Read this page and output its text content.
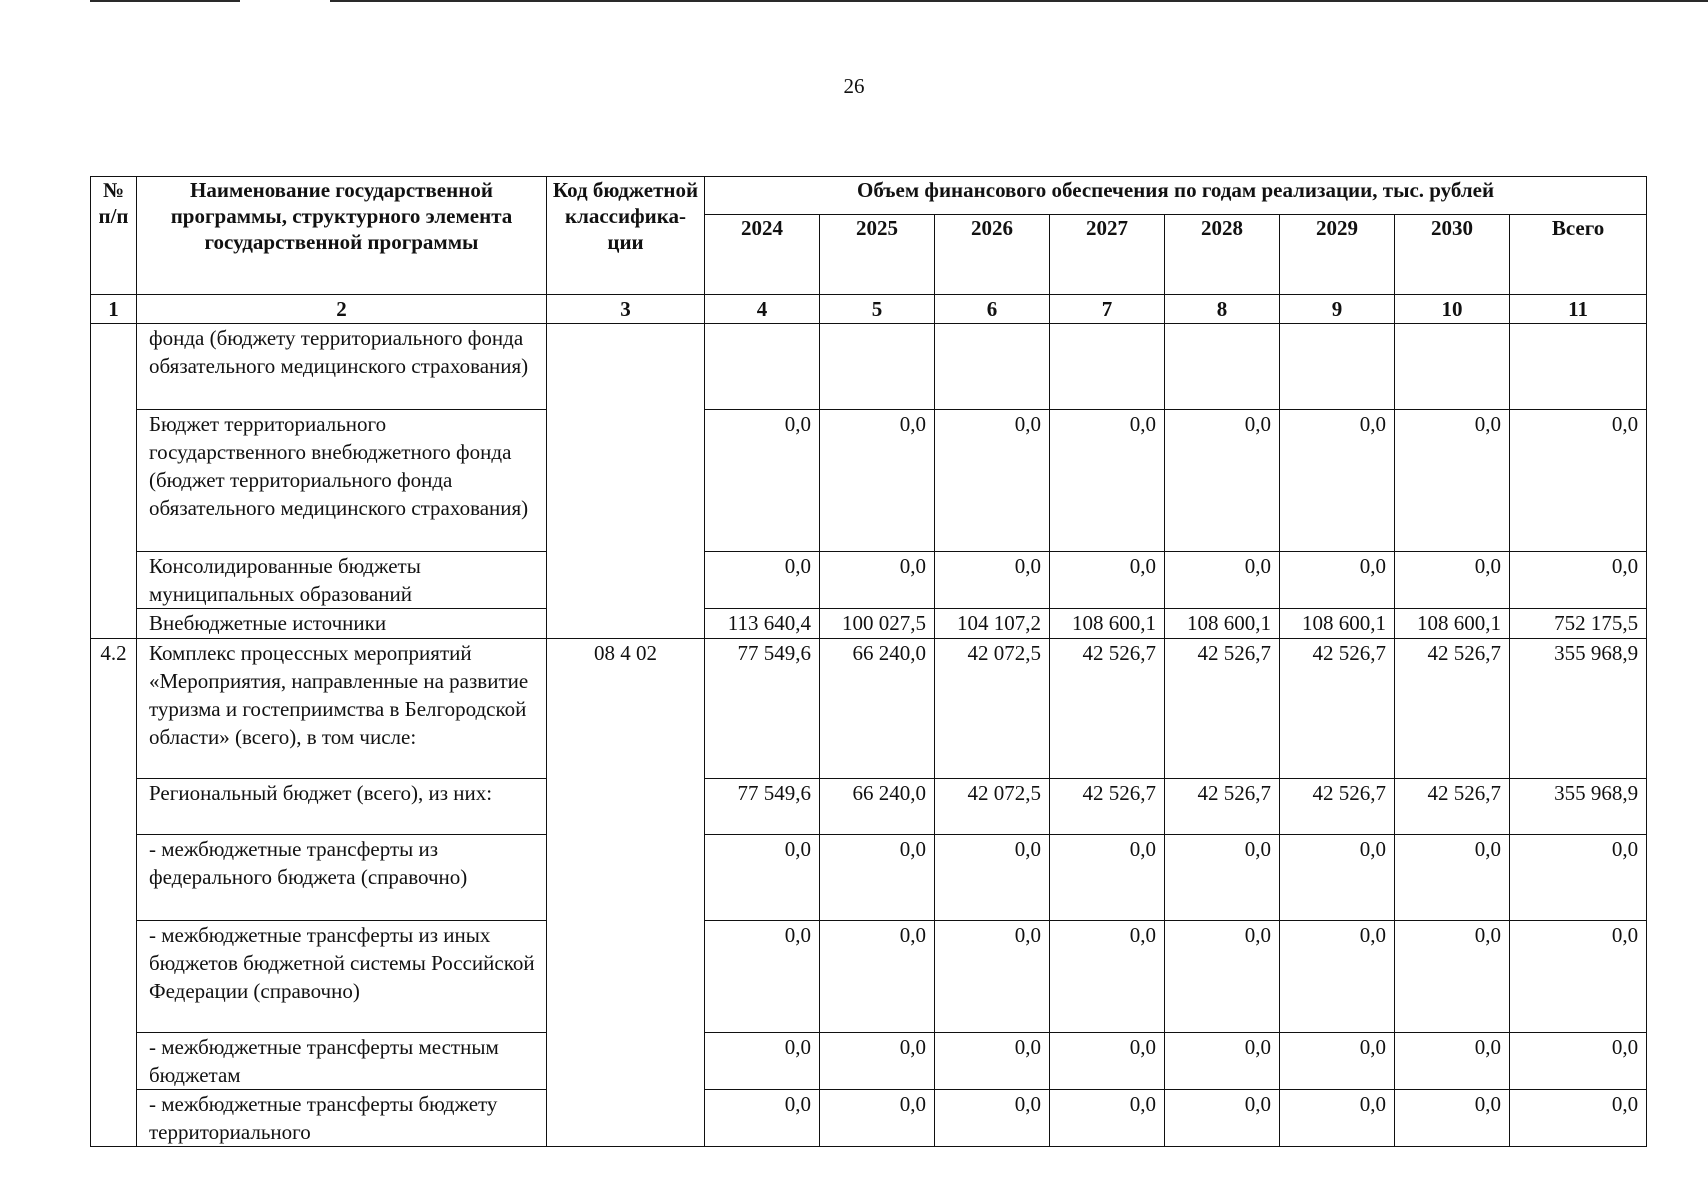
26
№ п/п	Наименование государственной программы, структурного элемента государственной программы	Код бюджетной классифика-ции	Объем финансового обеспечения по годам реализации, тыс. рублей							
			2024	2025	2026	2027	2028	2029	2030	Всего
1	2	3	4	5	6	7	8	9	10	11
	фонда (бюджету территориального фонда обязательного медицинского страхования)									
	Бюджет территориального государственного внебюджетного фонда (бюджет территориального фонда обязательного медицинского страхования)		0,0	0,0	0,0	0,0	0,0	0,0	0,0	0,0
	Консолидированные бюджеты муниципальных образований		0,0	0,0	0,0	0,0	0,0	0,0	0,0	0,0
	Внебюджетные источники		113 640,4	100 027,5	104 107,2	108 600,1	108 600,1	108 600,1	108 600,1	752 175,5
4.2	Комплекс процессных мероприятий «Мероприятия, направленные на развитие туризма и гостеприимства в Белгородской области» (всего), в том числе:	08 4 02	77 549,6	66 240,0	42 072,5	42 526,7	42 526,7	42 526,7	42 526,7	355 968,9
	Региональный бюджет (всего), из них:		77 549,6	66 240,0	42 072,5	42 526,7	42 526,7	42 526,7	42 526,7	355 968,9
	- межбюджетные трансферты из федерального бюджета (справочно)		0,0	0,0	0,0	0,0	0,0	0,0	0,0	0,0
	- межбюджетные трансферты из иных бюджетов бюджетной системы Российской Федерации (справочно)		0,0	0,0	0,0	0,0	0,0	0,0	0,0	0,0
	- межбюджетные трансферты местным бюджетам		0,0	0,0	0,0	0,0	0,0	0,0	0,0	0,0
	- межбюджетные трансферты бюджету территориального		0,0	0,0	0,0	0,0	0,0	0,0	0,0	0,0
